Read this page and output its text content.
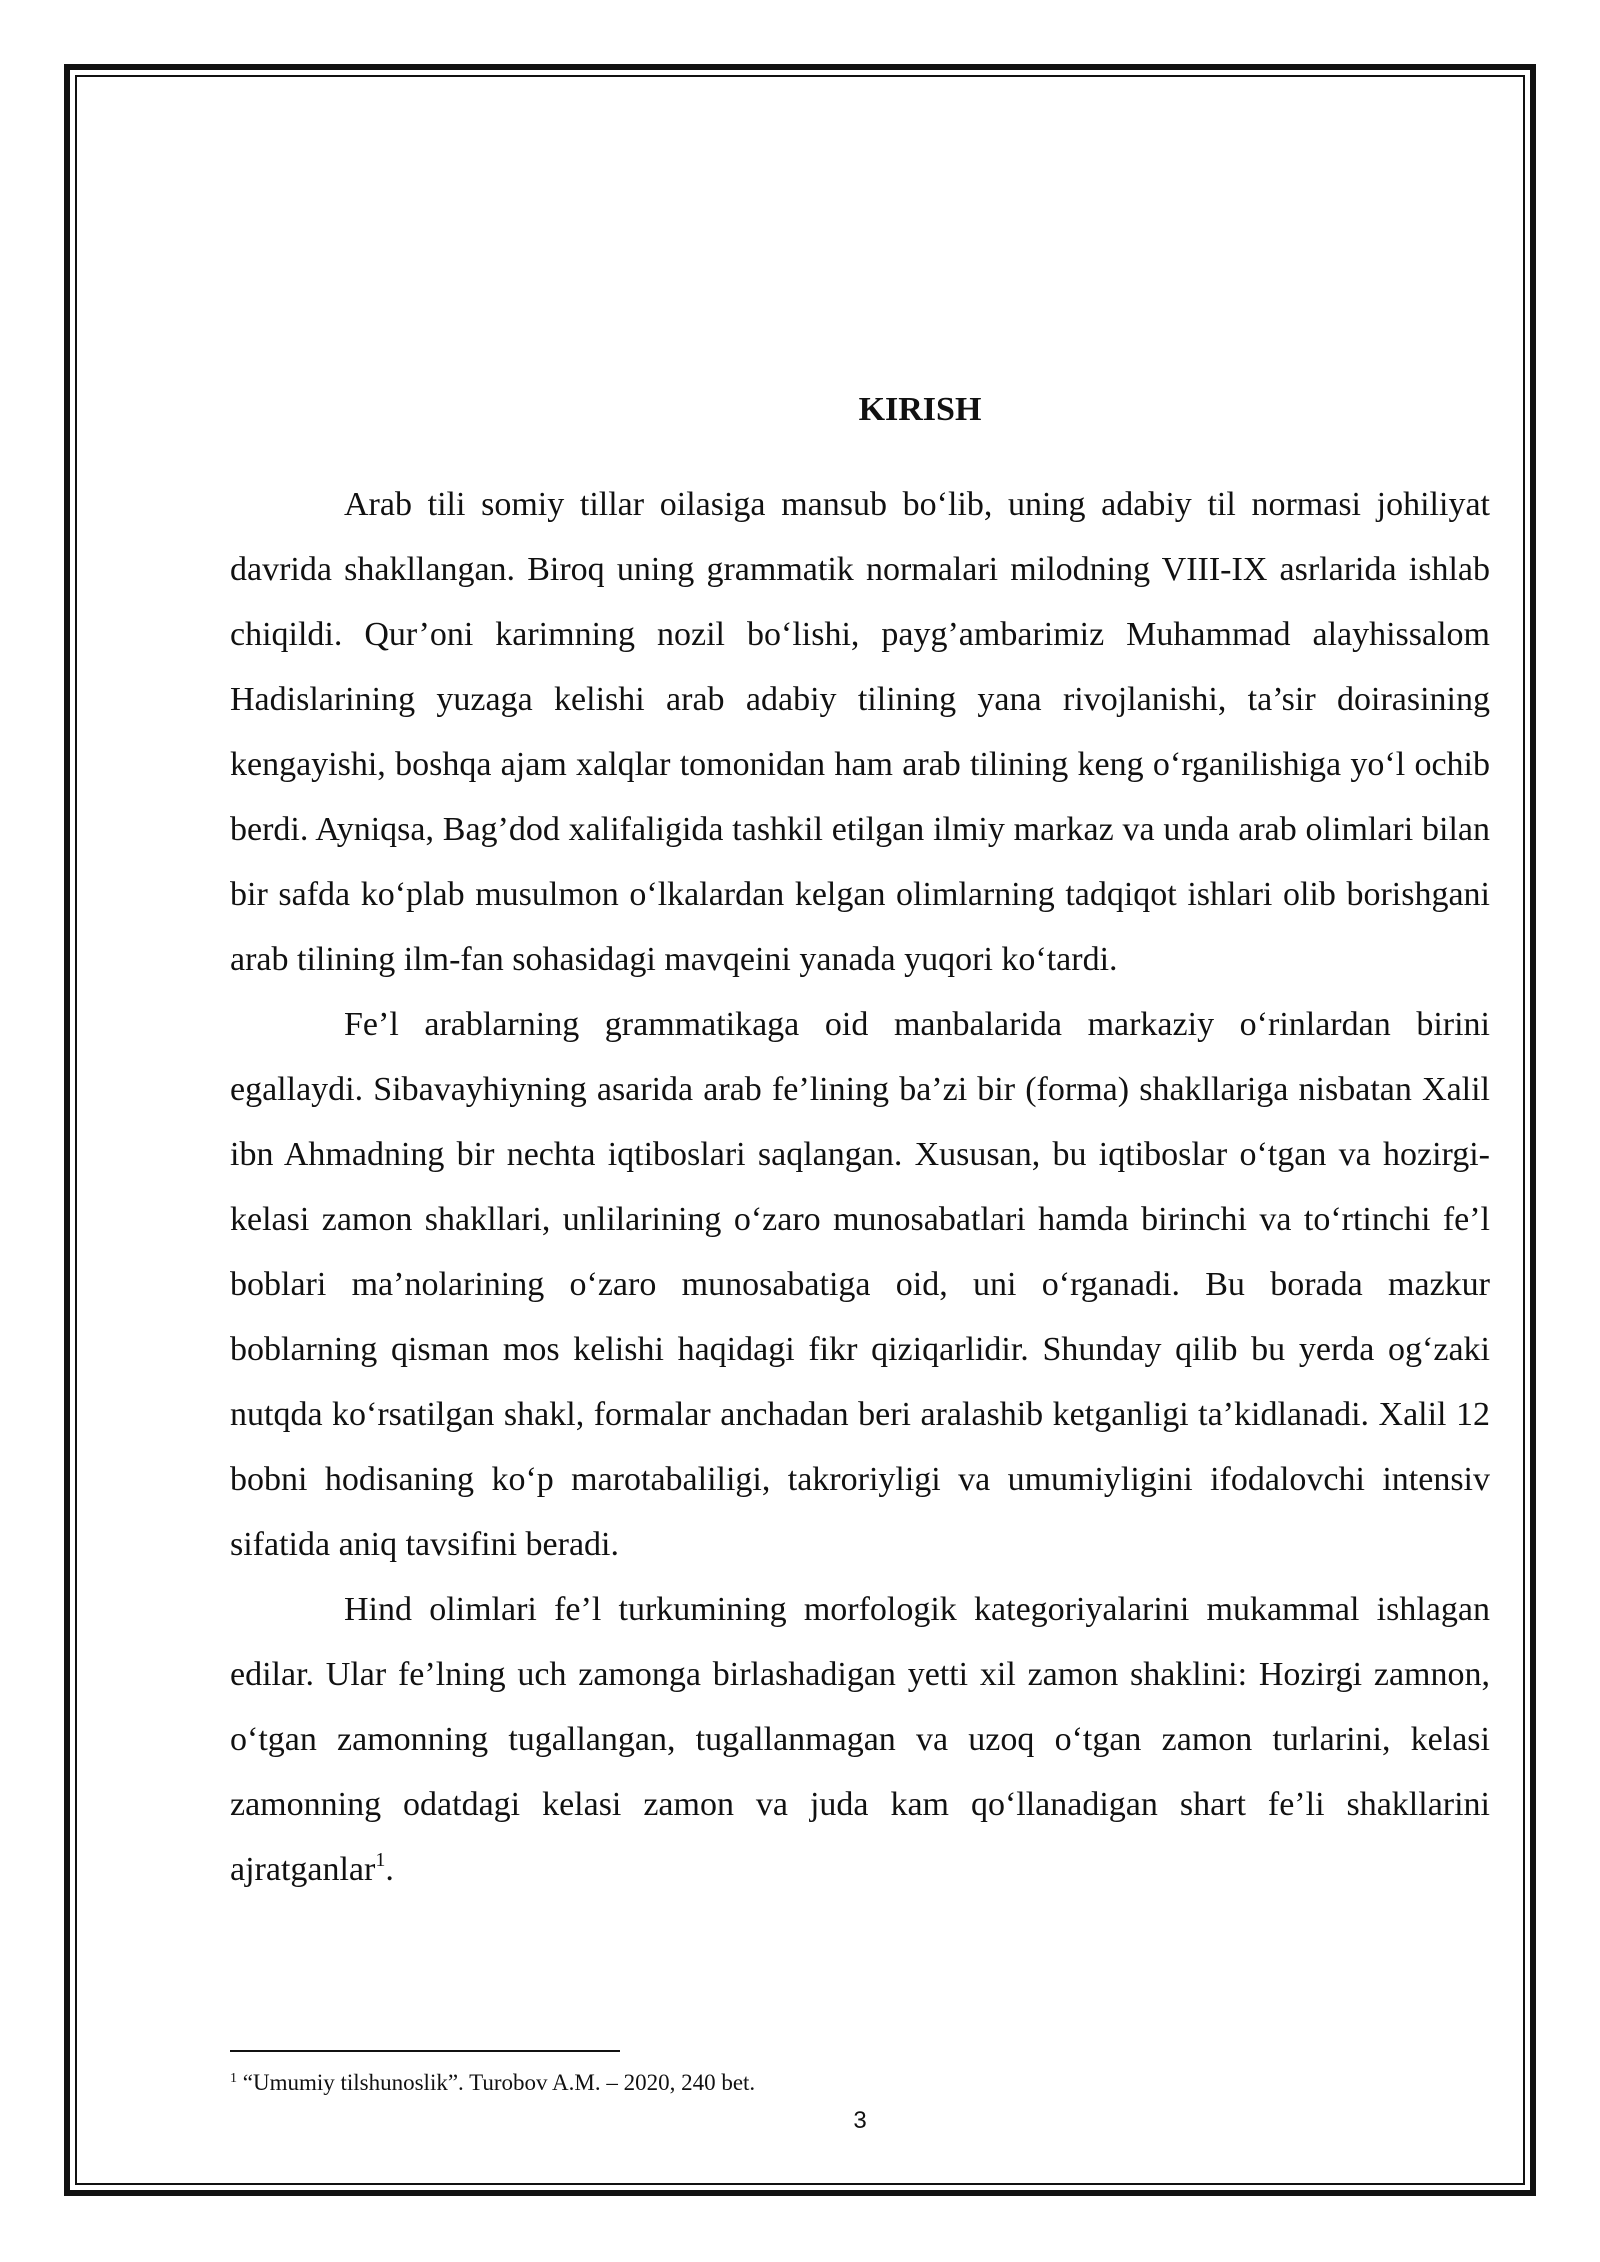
KIRISH

Arab tili somiy tillar oilasiga mansub bo‘lib, uning adabiy til normasi johiliyat davrida shakllangan. Biroq uning grammatik normalari milodning VIII-IX asrlarida ishlab chiqildi. Qur’oni karimning nozil bo‘lishi, payg’ambarimiz Muhammad alayhissalom Hadislarining yuzaga kelishi arab adabiy tilining yana rivojlanishi, ta’sir doirasining kengayishi, boshqa ajam xalqlar tomonidan ham arab tilining keng o‘rganilishiga yo‘l ochib berdi. Ayniqsa, Bag’dod xalifaligida tashkil etilgan ilmiy markaz va unda arab olimlari bilan bir safda ko‘plab musulmon o‘lkalardan kelgan olimlarning tadqiqot ishlari olib borishgani arab tilining ilm-fan sohasidagi mavqeini yanada yuqori ko‘tardi.

Fe’l arablarning grammatikaga oid manbalarida markaziy o‘rinlardan birini egallaydi. Sibavayhiyning asarida arab fe’lining ba’zi bir (forma) shakllariga nisbatan Xalil ibn Ahmadning bir nechta iqtiboslari saqlangan. Xususan, bu iqtiboslar o‘tgan va hozirgi-kelasi zamon shakllari, unlilarining o‘zaro munosabatlari hamda birinchi va to‘rtinchi fe’l boblari ma’nolarining o‘zaro munosabatiga oid, uni o‘rganadi. Bu borada mazkur boblarning qisman mos kelishi haqidagi fikr qiziqarlidir. Shunday qilib bu yerda og‘zaki nutqda ko‘rsatilgan shakl, formalar anchadan beri aralashib ketganligi ta’kidlanadi. Xalil 12 bobni hodisaning ko‘p marotabaliligi, takroriyligi va umumiyligini ifodalovchi intensiv sifatida aniq tavsifini beradi.

Hind olimlari fe’l turkumining morfologik kategoriyalarini mukammal ishlagan edilar. Ular fe’lning uch zamonga birlashadigan yetti xil zamon shaklini: Hozirgi zamnon, o‘tgan zamonning tugallangan, tugallanmagan va uzoq o‘tgan zamon turlarini, kelasi zamonning odatdagi kelasi zamon va juda kam qo‘llanadigan shart fe’li shakllarini ajratganlar$^1$.

$^1$ “Umumiy tilshunoslik”. Turobov A.M. – 2020, 240 bet.
3
